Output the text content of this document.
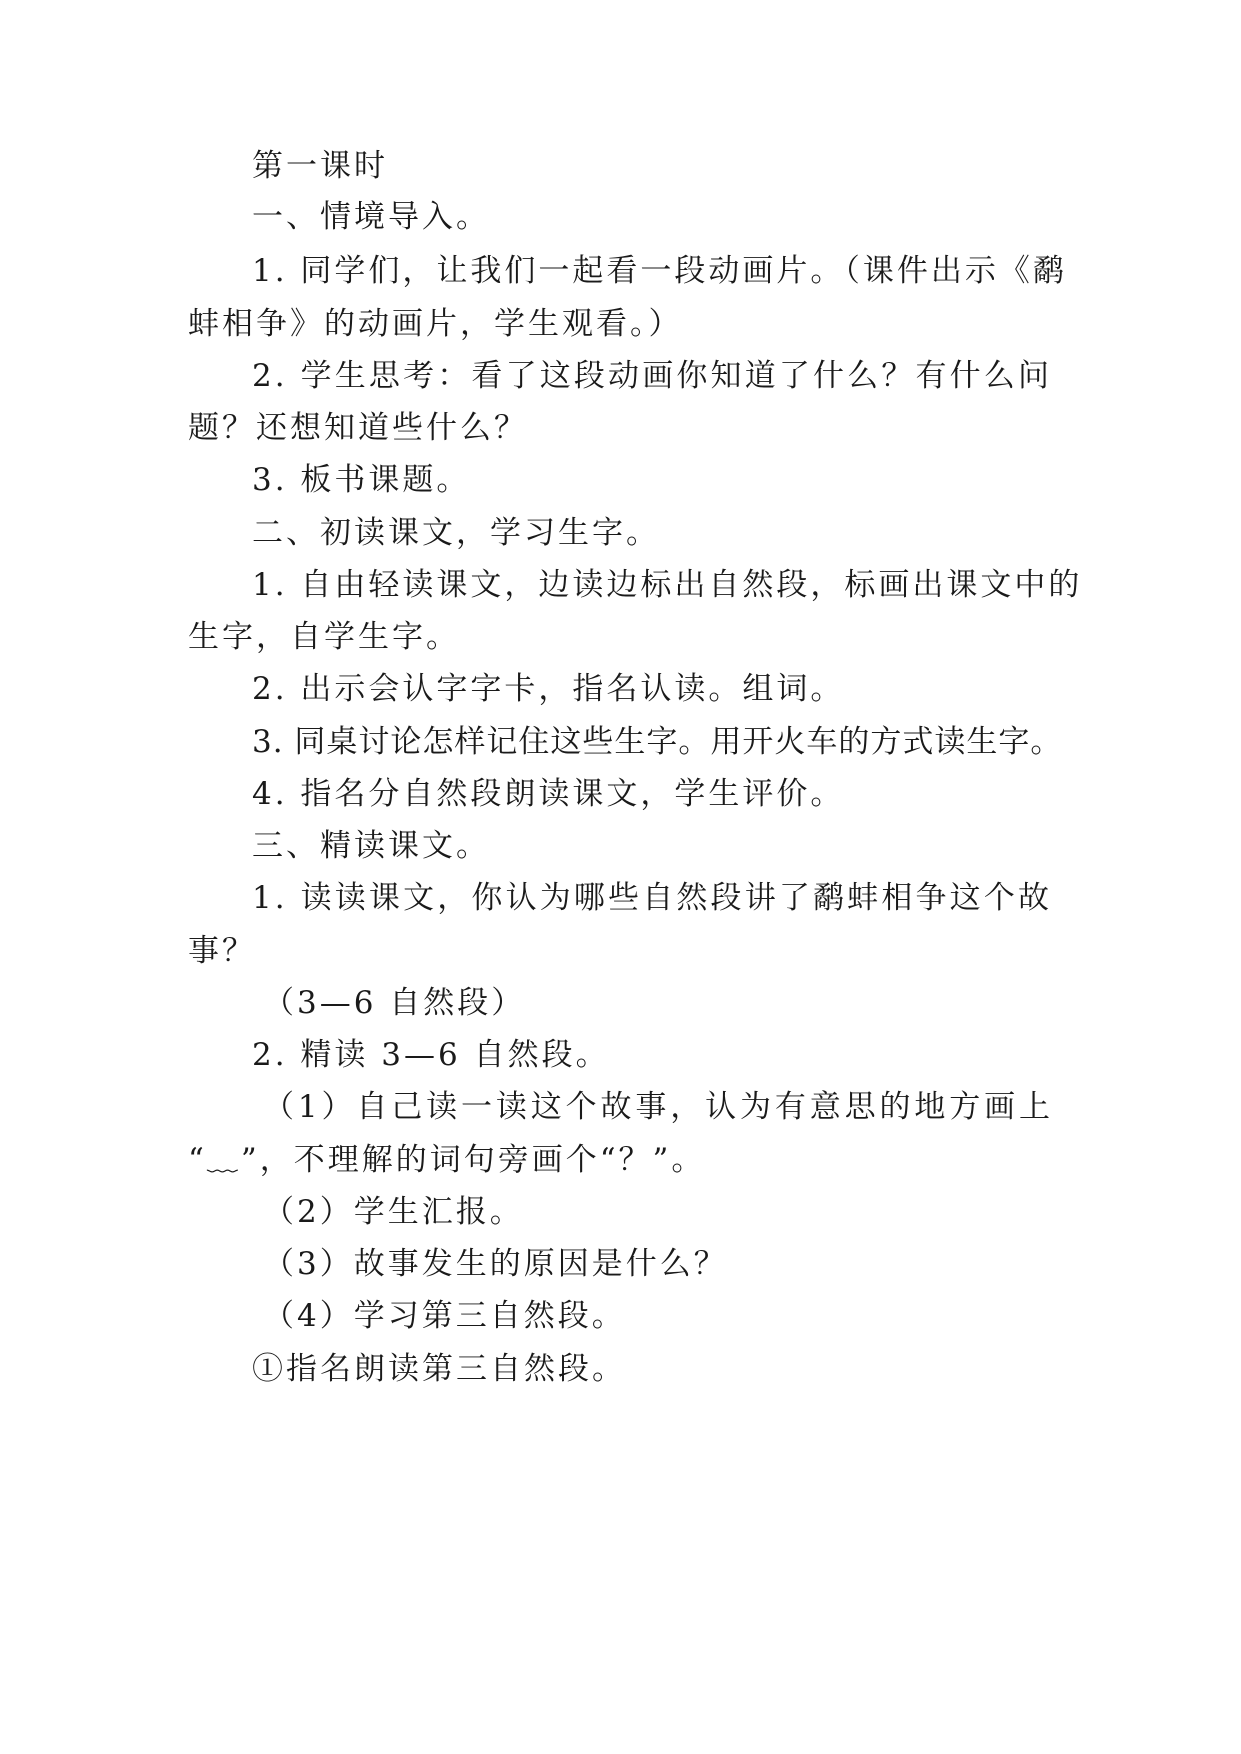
第一课时
一、情境导入。
1. 同学们，让我们一起看一段动画片。（课件出示《鹬
蚌相争》的动画片，学生观看。）
2. 学生思考：看了这段动画你知道了什么？有什么问
题？还想知道些什么？
3. 板书课题。
二、初读课文，学习生字。
1. 自由轻读课文，边读边标出自然段，标画出课文中的
生字，自学生字。
2. 出示会认字字卡，指名认读。组词。
3. 同桌讨论怎样记住这些生字。用开火车的方式读生字。
4. 指名分自然段朗读课文，学生评价。
三、精读课文。
1. 读读课文，你认为哪些自然段讲了鹬蚌相争这个故
事？
（3—6 自然段）
2. 精读 3—6 自然段。
（1）自己读一读这个故事，认为有意思的地方画上
“﹏”，不理解的词句旁画个“？”。
（2）学生汇报。
（3）故事发生的原因是什么？
（4）学习第三自然段。
①指名朗读第三自然段。
